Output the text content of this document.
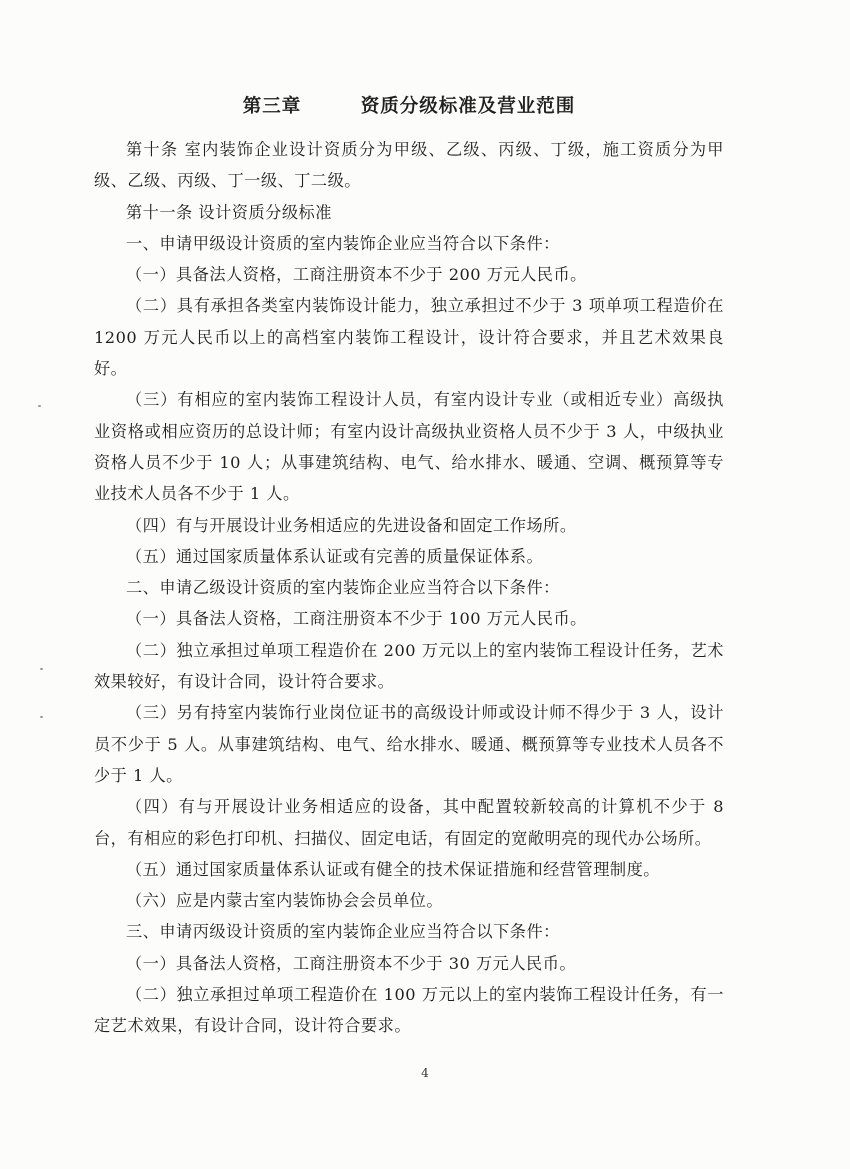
第三章        资质分级标准及营业范围

第十条 室内装饰企业设计资质分为甲级、乙级、丙级、丁级，施工资质分为甲级、乙级、丙级、丁一级、丁二级。

第十一条 设计资质分级标准

一、申请甲级设计资质的室内装饰企业应当符合以下条件：

（一）具备法人资格，工商注册资本不少于 200 万元人民币。

（二）具有承担各类室内装饰设计能力，独立承担过不少于 3 项单项工程造价在 1200 万元人民币以上的高档室内装饰工程设计，设计符合要求，并且艺术效果良好。

（三）有相应的室内装饰工程设计人员，有室内设计专业（或相近专业）高级执业资格或相应资历的总设计师；有室内设计高级执业资格人员不少于 3 人，中级执业资格人员不少于 10 人；从事建筑结构、电气、给水排水、暖通、空调、概预算等专业技术人员各不少于 1 人。

（四）有与开展设计业务相适应的先进设备和固定工作场所。

（五）通过国家质量体系认证或有完善的质量保证体系。

二、申请乙级设计资质的室内装饰企业应当符合以下条件：

（一）具备法人资格，工商注册资本不少于 100 万元人民币。

（二）独立承担过单项工程造价在 200 万元以上的室内装饰工程设计任务，艺术效果较好，有设计合同，设计符合要求。

（三）另有持室内装饰行业岗位证书的高级设计师或设计师不得少于 3 人，设计员不少于 5 人。从事建筑结构、电气、给水排水、暖通、概预算等专业技术人员各不少于 1 人。

（四）有与开展设计业务相适应的设备，其中配置较新较高的计算机不少于 8 台，有相应的彩色打印机、扫描仪、固定电话，有固定的宽敞明亮的现代办公场所。

（五）通过国家质量体系认证或有健全的技术保证措施和经营管理制度。

（六）应是内蒙古室内装饰协会会员单位。

三、申请丙级设计资质的室内装饰企业应当符合以下条件：

（一）具备法人资格，工商注册资本不少于 30 万元人民币。

（二）独立承担过单项工程造价在 100 万元以上的室内装饰工程设计任务，有一定艺术效果，有设计合同，设计符合要求。

4
